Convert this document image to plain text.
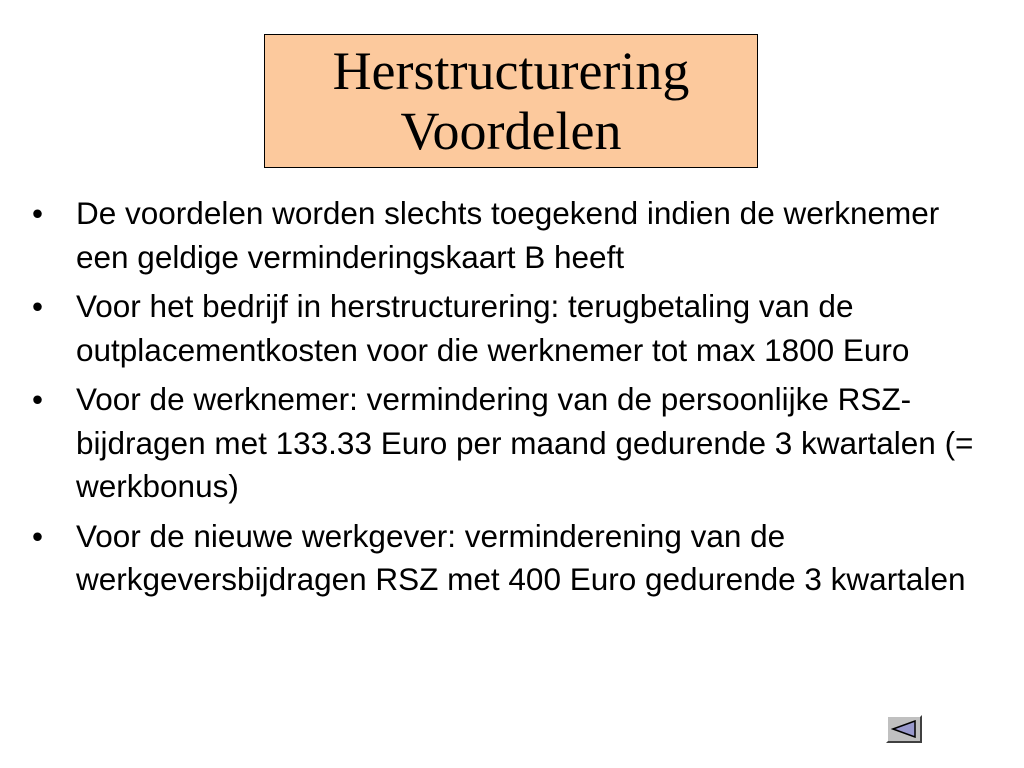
Herstructurering
Voordelen
•	De voordelen worden slechts toegekend indien de werknemer een geldige verminderingskaart B heeft
•	Voor het bedrijf in herstructurering: terugbetaling van de outplacementkosten voor die werknemer tot max 1800 Euro
•	Voor de werknemer: vermindering van de persoonlijke RSZ-bijdragen met 133.33 Euro per maand gedurende 3 kwartalen (= werkbonus)
•	Voor de nieuwe werkgever: verminderening van de werkgeversbijdragen RSZ met 400 Euro gedurende 3 kwartalen
